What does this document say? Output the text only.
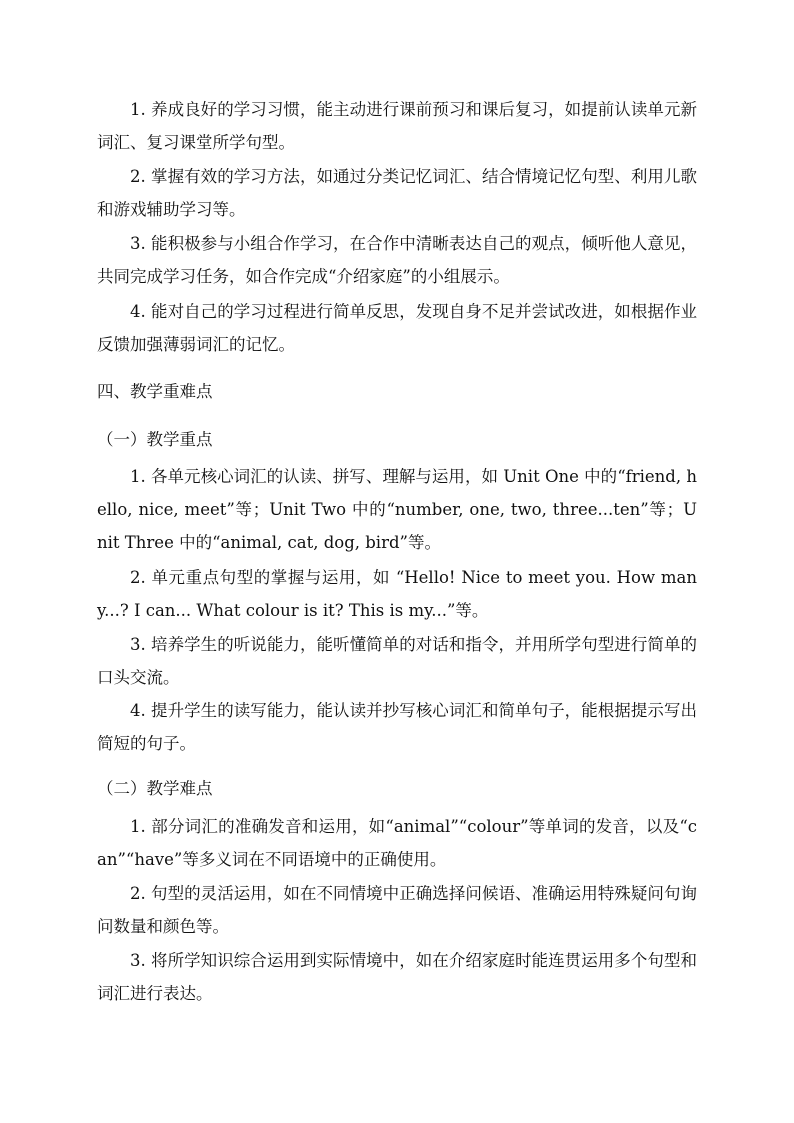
1. 养成良好的学习习惯，能主动进行课前预习和课后复习，如提前认读单元新词汇、复习课堂所学句型。

2. 掌握有效的学习方法，如通过分类记忆词汇、结合情境记忆句型、利用儿歌和游戏辅助学习等。

3. 能积极参与小组合作学习，在合作中清晰表达自己的观点，倾听他人意见，共同完成学习任务，如合作完成“介绍家庭”的小组展示。

4. 能对自己的学习过程进行简单反思，发现自身不足并尝试改进，如根据作业反馈加强薄弱词汇的记忆。

四、教学重难点
（一）教学重点

1. 各单元核心词汇的认读、拼写、理解与运用，如 Unit One 中的“friend, hello, nice, meet”等；Unit Two 中的“number, one, two, three...ten”等；Unit Three 中的“animal, cat, dog, bird”等。

2. 单元重点句型的掌握与运用，如 “Hello! Nice to meet you. How many...? I can... What colour is it? This is my...”等。

3. 培养学生的听说能力，能听懂简单的对话和指令，并用所学句型进行简单的口头交流。

4. 提升学生的读写能力，能认读并抄写核心词汇和简单句子，能根据提示写出简短的句子。

（二）教学难点

1. 部分词汇的准确发音和运用，如“animal”“colour”等单词的发音，以及“can”“have”等多义词在不同语境中的正确使用。

2. 句型的灵活运用，如在不同情境中正确选择问候语、准确运用特殊疑问句询问数量和颜色等。

3. 将所学知识综合运用到实际情境中，如在介绍家庭时能连贯运用多个句型和词汇进行表达。
